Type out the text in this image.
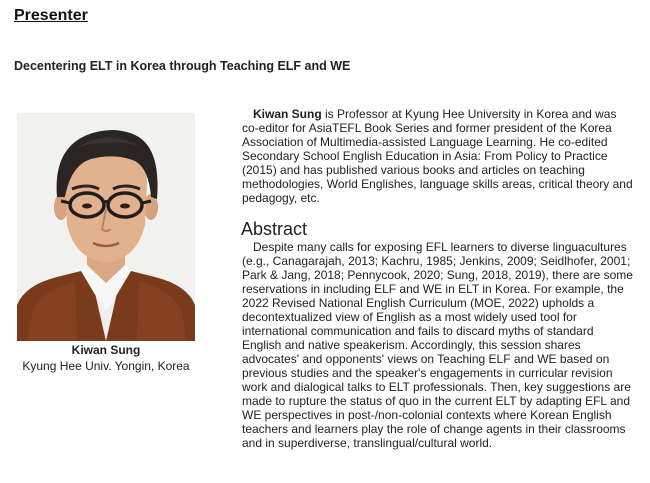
Presenter
Decentering ELT in Korea through Teaching ELF and WE
Kiwan Sung
Kyung Hee Univ. Yongin, Korea
Kiwan Sung is Professor at Kyung Hee University in Korea and was co-editor for AsiaTEFL Book Series and former president of the Korea Association of Multimedia-assisted Language Learning. He co-edited Secondary School English Education in Asia: From Policy to Practice (2015) and has published various books and articles on teaching methodologies, World Englishes, language skills areas, critical theory and pedagogy, etc.
Abstract
Despite many calls for exposing EFL learners to diverse linguacultures (e.g., Canagarajah, 2013; Kachru, 1985; Jenkins, 2009; Seidlhofer, 2001; Park & Jang, 2018; Pennycook, 2020; Sung, 2018, 2019), there are some reservations in including ELF and WE in ELT in Korea. For example, the 2022 Revised National English Curriculum (MOE, 2022) upholds a decontextualized view of English as a most widely used tool for international communication and fails to discard myths of standard English and native speakerism. Accordingly, this session shares advocates' and opponents' views on Teaching ELF and WE based on previous studies and the speaker's engagements in curricular revision work and dialogical talks to ELT professionals. Then, key suggestions are made to rupture the status of quo in the current ELT by adapting EFL and WE perspectives in post-/non-colonial contexts where Korean English teachers and learners play the role of change agents in their classrooms and in superdiverse, translingual/cultural world.
